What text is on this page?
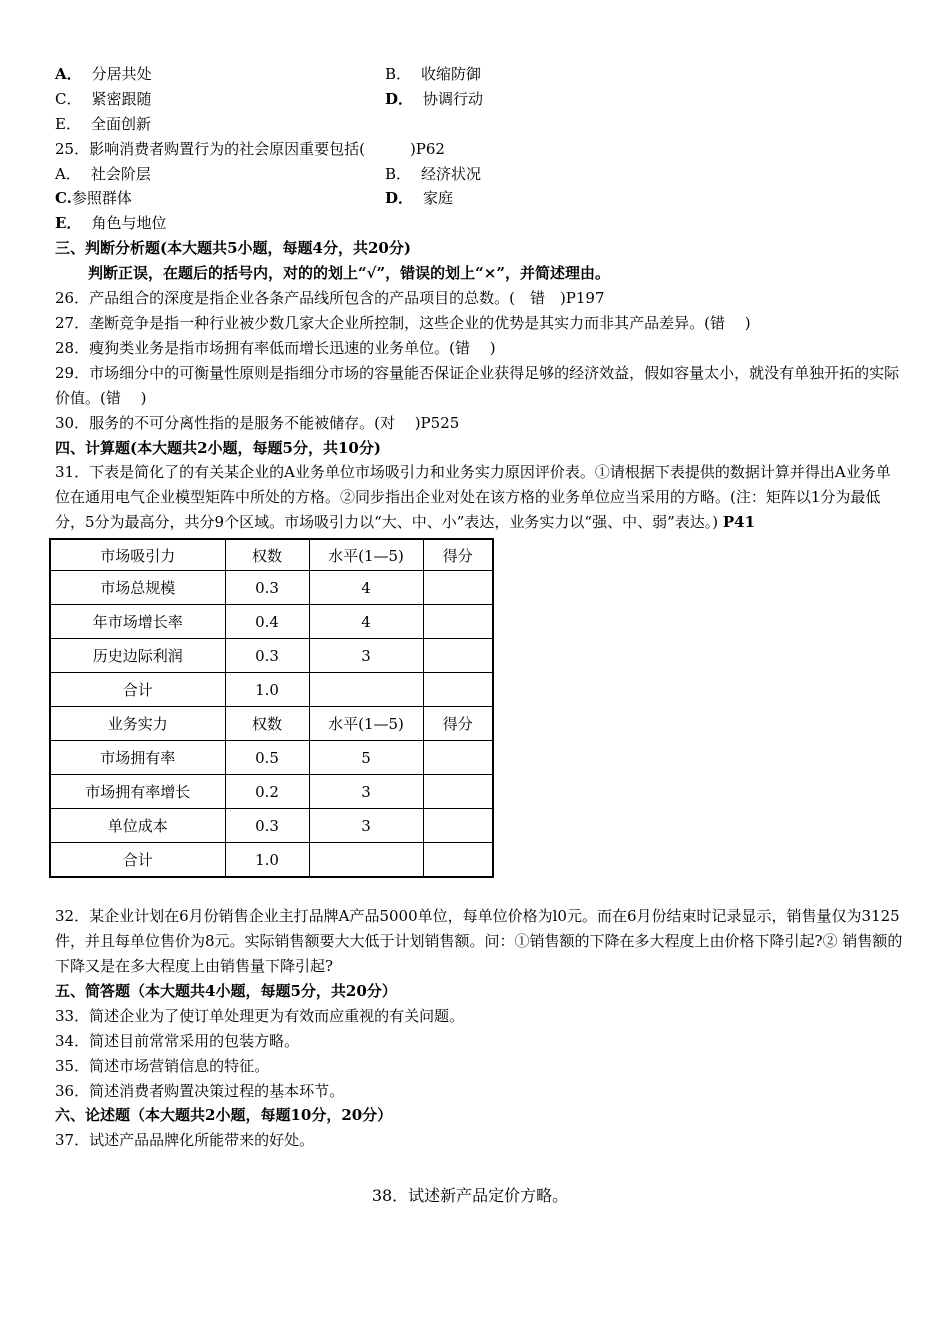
A． 分居共处	B． 收缩防御
C． 紧密跟随	D． 协调行动
E． 全面创新
25．影响消费者购置行为的社会原因重要包括(　　　)P62
A． 社会阶层	B． 经济状况
C.参照群体	D． 家庭
E． 角色与地位
三、判断分析题(本大题共5小题，每题4分，共20分)
判断正误，在题后的括号内，对的的划上“√”，错误的划上“×”，并简述理由。
26．产品组合的深度是指企业各条产品线所包含的产品项目的总数。(　错　)P197
27．垄断竞争是指一种行业被少数几家大企业所控制，这些企业的优势是其实力而非其产品差异。(错　 )
28．瘦狗类业务是指市场拥有率低而增长迅速的业务单位。(错　 )
29．市场细分中的可衡量性原则是指细分市场的容量能否保证企业获得足够的经济效益，假如容量太小，就没有单独开拓的实际价值。(错　 )
30．服务的不可分离性指的是服务不能被储存。(对　 )P525
四、计算题(本大题共2小题，每题5分，共10分)
31．下表是简化了的有关某企业的A业务单位市场吸引力和业务实力原因评价表。①请根据下表提供的数据计算并得出A业务单位在通用电气企业模型矩阵中所处的方格。②同步指出企业对处在该方格的业务单位应当采用的方略。(注：矩阵以1分为最低分，5分为最高分，共分9个区域。市场吸引力以“大、中、小”表达，业务实力以“强、中、弱”表达。) P41
市场吸引力	权数	水平(1—5)	得分
市场总规模	0.3	4	
年市场增长率	0.4	4	
历史边际利润	0.3	3	
合计	1.0		
业务实力	权数	水平(1—5)	得分
市场拥有率	0.5	5	
市场拥有率增长	0.2	3	
单位成本	0.3	3	
合计	1.0		
32．某企业计划在6月份销售企业主打品牌A产品5000单位，每单位价格为l0元。而在6月份结束时记录显示，销售量仅为3125件，并且每单位售价为8元。实际销售额要大大低于计划销售额。问：①销售额的下降在多大程度上由价格下降引起?② 销售额的下降又是在多大程度上由销售量下降引起?
五、简答题（本大题共4小题，每题5分，共20分）
33．简述企业为了使订单处理更为有效而应重视的有关问题。
34．简述目前常常采用的包装方略。
35．简述市场营销信息的特征。
36．简述消费者购置决策过程的基本环节。
六、论述题（本大题共2小题，每题10分，20分）
37．试述产品品牌化所能带来的好处。
38．试述新产品定价方略。
